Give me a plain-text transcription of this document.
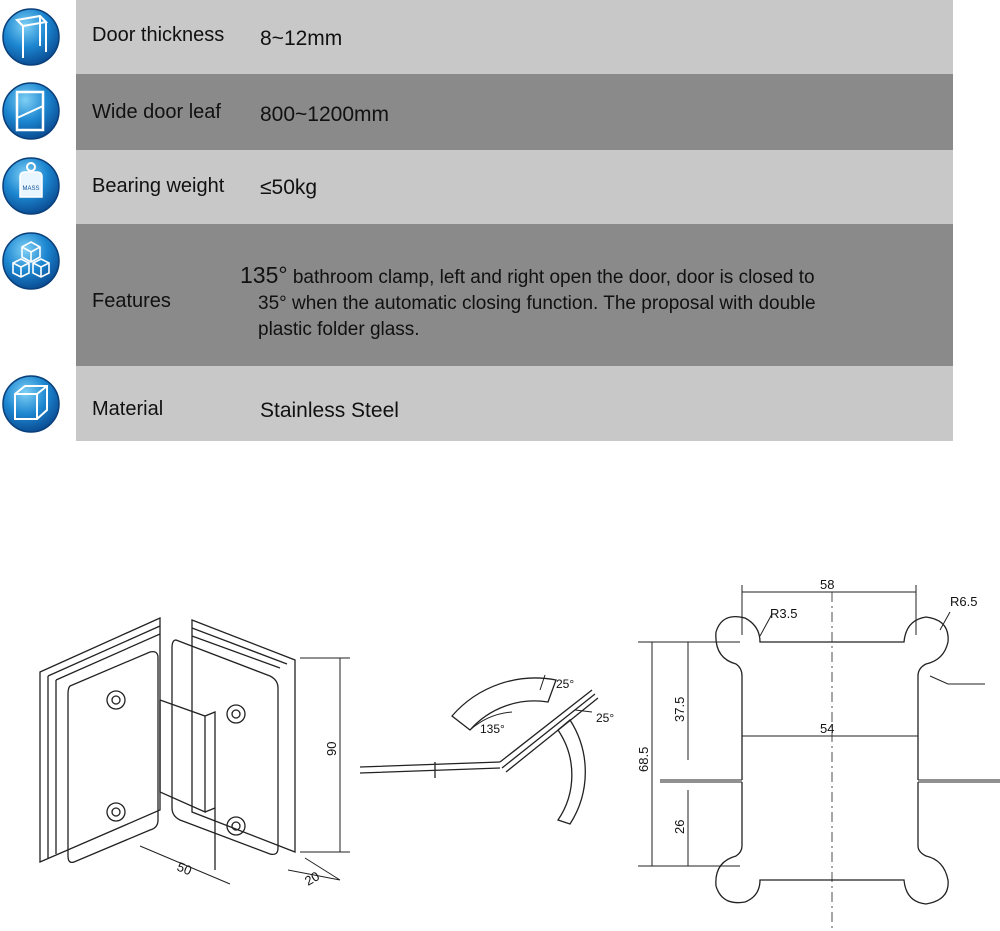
Door thickness 8~12mm
Wide door leaf 800~1200mm
Bearing weight ≤50kg
Features
135° bathroom clamp, left and right open the door, door is closed to
35° when the automatic closing function. The proposal with double
plastic folder glass.
Material	Stainless Steel
MASS
90
50	20
135°
25°
25°
58
54
R3.5
R6.5
37.5
68.5
26
